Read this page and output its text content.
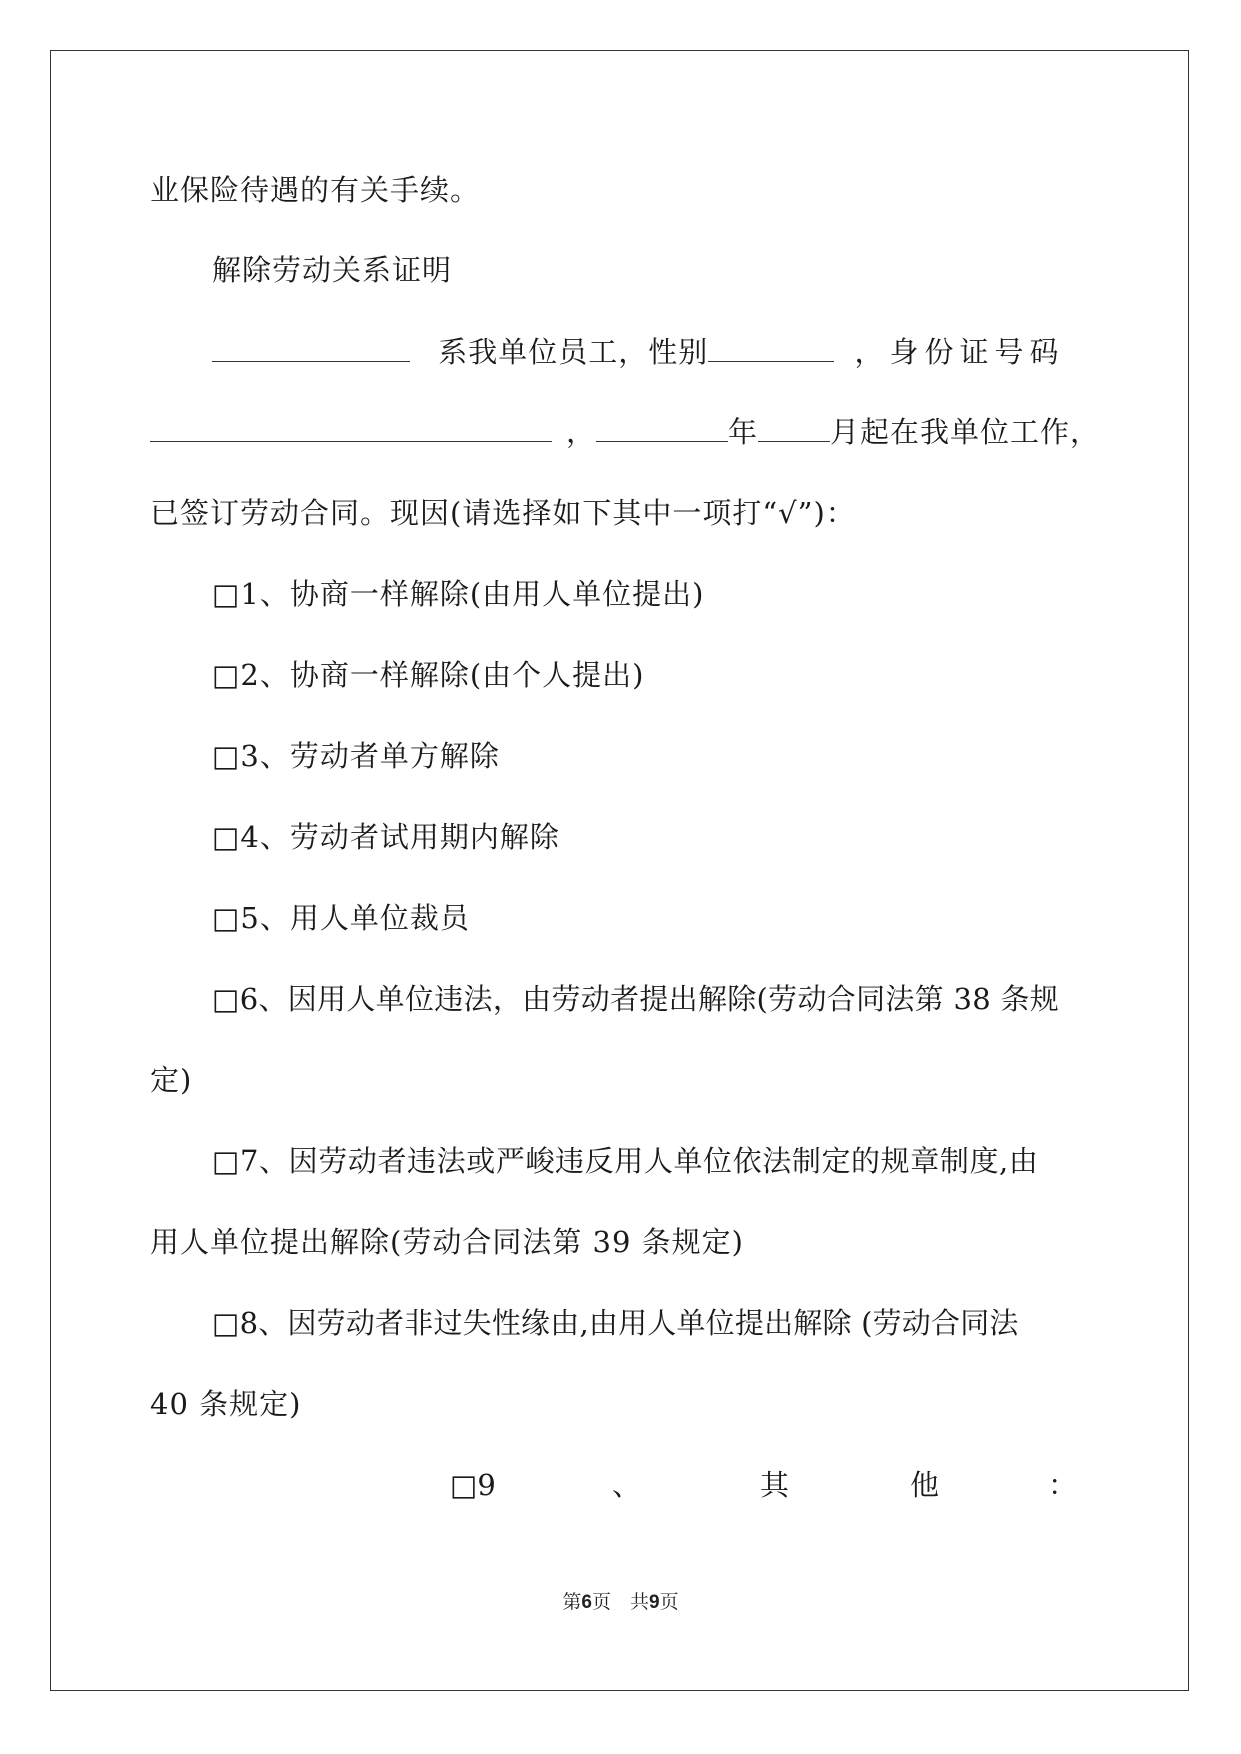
业保险待遇的有关手续。
解除劳动关系证明
系我单位员工，性别	，身份证号码
，	年 月起在我单位工作，
已签订劳动合同。现因(请选择如下其中一项打“√”)：
□1、协商一样解除(由用人单位提出)
□2、协商一样解除(由个人提出)
□3、劳动者单方解除
□4、劳动者试用期内解除
□5、用人单位裁员
□6、因用人单位违法，由劳动者提出解除(劳动合同法第 38 条规
定)
□7、因劳动者违法或严峻违反用人单位依法制定的规章制度,由
用人单位提出解除(劳动合同法第 39 条规定)
□8、因劳动者非过失性缘由,由用人单位提出解除 (劳动合同法
40 条规定)
□9	、	其	他	：
第6页　共9页
